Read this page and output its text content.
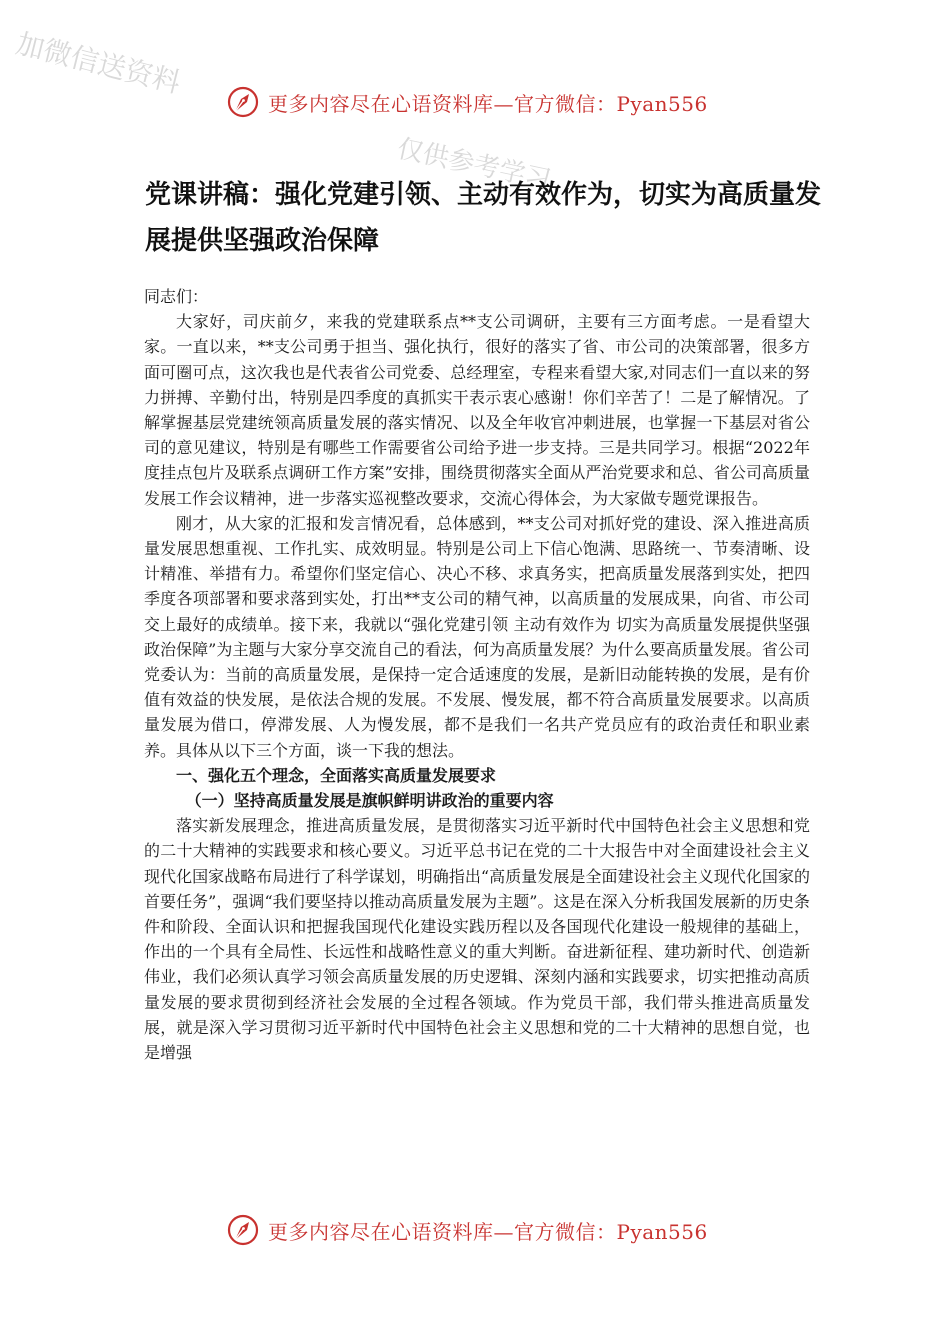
加微信送资料
仅供参考学习
更多内容尽在心语资料库—官方微信：Pyan556
党课讲稿：强化党建引领、主动有效作为，切实为高质量发展提供坚强政治保障

同志们：

大家好，司庆前夕，来我的党建联系点**支公司调研，主要有三方面考虑。一是看望大家。一直以来，**支公司勇于担当、强化执行，很好的落实了省、市公司的决策部署，很多方面可圈可点，这次我也是代表省公司党委、总经理室，专程来看望大家,对同志们一直以来的努力拼搏、辛勤付出，特别是四季度的真抓实干表示衷心感谢！你们辛苦了！二是了解情况。了解掌握基层党建统领高质量发展的落实情况、以及全年收官冲刺进展，也掌握一下基层对省公司的意见建议，特别是有哪些工作需要省公司给予进一步支持。三是共同学习。根据“2022年度挂点包片及联系点调研工作方案”安排，围绕贯彻落实全面从严治党要求和总、省公司高质量发展工作会议精神，进一步落实巡视整改要求，交流心得体会，为大家做专题党课报告。

刚才，从大家的汇报和发言情况看，总体感到，**支公司对抓好党的建设、深入推进高质量发展思想重视、工作扎实、成效明显。特别是公司上下信心饱满、思路统一、节奏清晰、设计精准、举措有力。希望你们坚定信心、决心不移、求真务实，把高质量发展落到实处，把四季度各项部署和要求落到实处，打出**支公司的精气神，以高质量的发展成果，向省、市公司交上最好的成绩单。接下来，我就以“强化党建引领 主动有效作为 切实为高质量发展提供坚强政治保障”为主题与大家分享交流自己的看法，何为高质量发展？为什么要高质量发展。省公司党委认为：当前的高质量发展，是保持一定合适速度的发展，是新旧动能转换的发展，是有价值有效益的快发展，是依法合规的发展。不发展、慢发展，都不符合高质量发展要求。以高质量发展为借口，停滞发展、人为慢发展，都不是我们一名共产党员应有的政治责任和职业素养。具体从以下三个方面，谈一下我的想法。

一、强化五个理念，全面落实高质量发展要求

（一）坚持高质量发展是旗帜鲜明讲政治的重要内容

落实新发展理念，推进高质量发展，是贯彻落实习近平新时代中国特色社会主义思想和党的二十大精神的实践要求和核心要义。习近平总书记在党的二十大报告中对全面建设社会主义现代化国家战略布局进行了科学谋划，明确指出“高质量发展是全面建设社会主义现代化国家的首要任务”，强调“我们要坚持以推动高质量发展为主题”。这是在深入分析我国发展新的历史条件和阶段、全面认识和把握我国现代化建设实践历程以及各国现代化建设一般规律的基础上，作出的一个具有全局性、长远性和战略性意义的重大判断。奋进新征程、建功新时代、创造新伟业，我们必须认真学习领会高质量发展的历史逻辑、深刻内涵和实践要求，切实把推动高质量发展的要求贯彻到经济社会发展的全过程各领域。作为党员干部，我们带头推进高质量发展，就是深入学习贯彻习近平新时代中国特色社会主义思想和党的二十大精神的思想自觉，也是增强

更多内容尽在心语资料库—官方微信：Pyan556
